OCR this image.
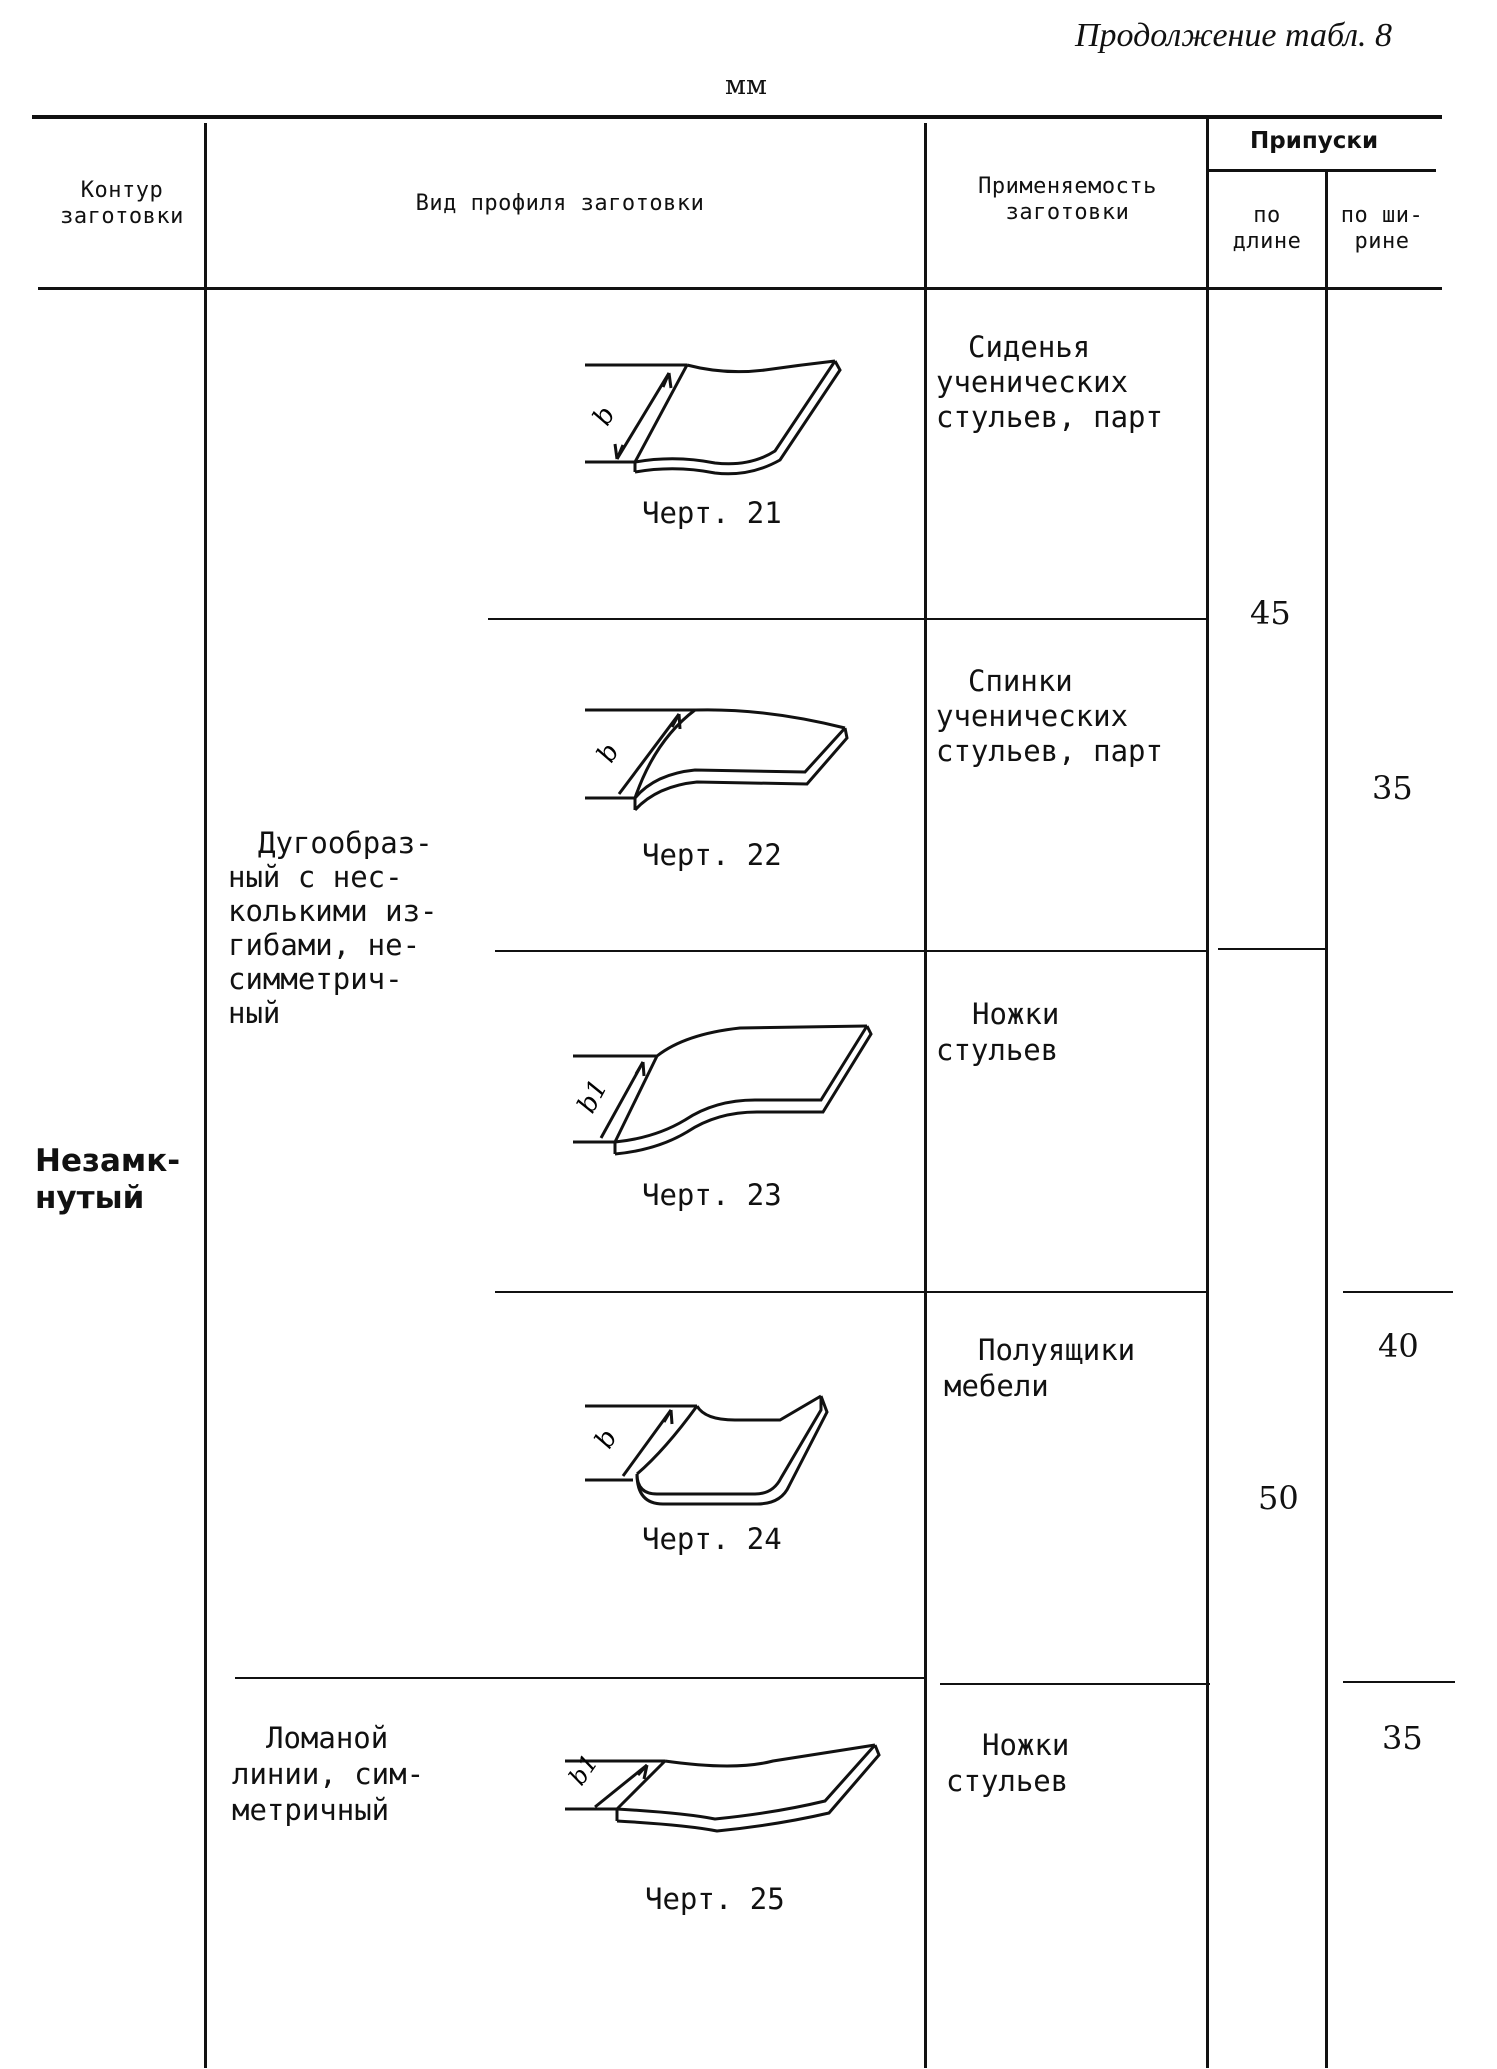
Продолжение табл. 8
мм
Контур
заготовки
Вид профиля заготовки
Применяемость
заготовки
Припуски
по
длине
по ши-
рине
Незамк-
нутый
Дугообраз-
ный с нес-
колькими из-
гибами, не-
симметрич-
ный
Ломаной
линии, сим-
метричный
b
Черт. 21
b
Черт. 22
b1
Черт. 23
b
Черт. 24
b1
Черт. 25
Сиденья
ученических
стульев, парт
Спинки
ученических
стульев, парт
Ножки
стульев
Полуящики
мебели
Ножки
стульев
45
50
35
40
35
